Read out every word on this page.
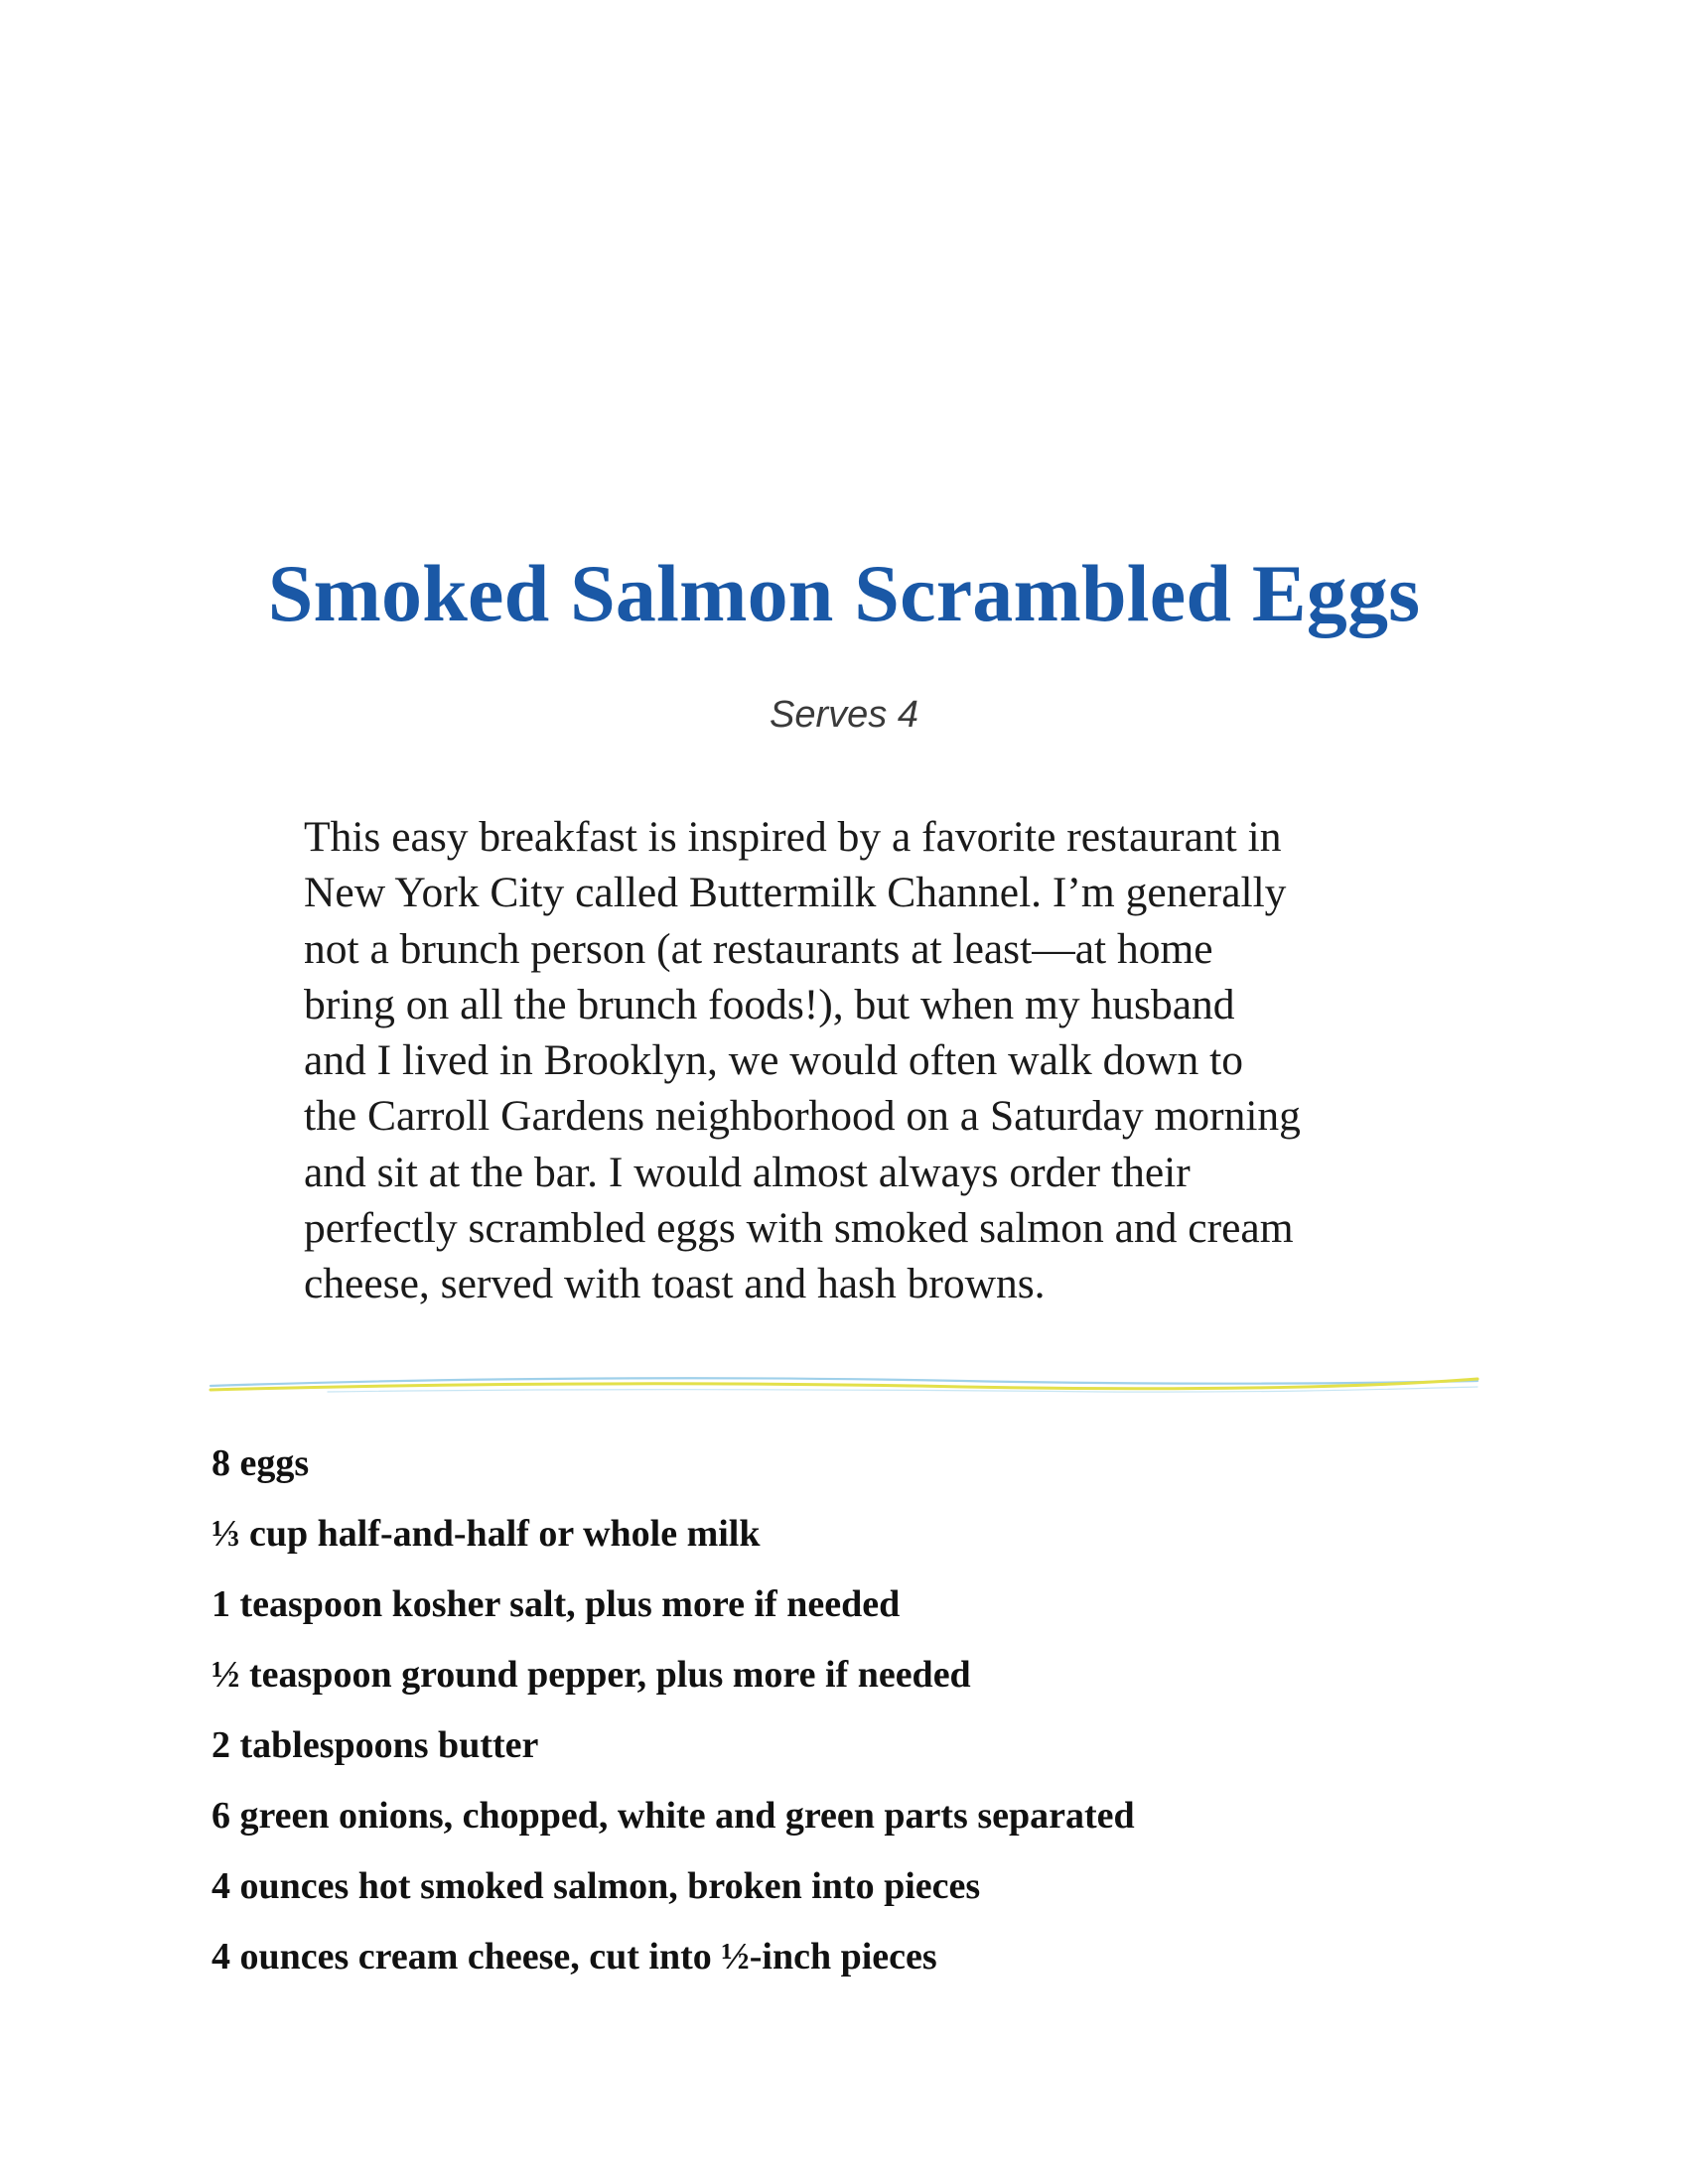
Smoked Salmon Scrambled Eggs

Serves 4

This easy breakfast is inspired by a favorite restaurant in
New York City called Buttermilk Channel. I’m generally
not a brunch person (at restaurants at least—at home
bring on all the brunch foods!), but when my husband
and I lived in Brooklyn, we would often walk down to
the Carroll Gardens neighborhood on a Saturday morning
and sit at the bar. I would almost always order their
perfectly scrambled eggs with smoked salmon and cream
cheese, served with toast and hash browns.

8 eggs
⅓ cup half-and-half or whole milk
1 teaspoon kosher salt, plus more if needed
½ teaspoon ground pepper, plus more if needed
2 tablespoons butter
6 green onions, chopped, white and green parts separated
4 ounces hot smoked salmon, broken into pieces
4 ounces cream cheese, cut into ½-inch pieces
